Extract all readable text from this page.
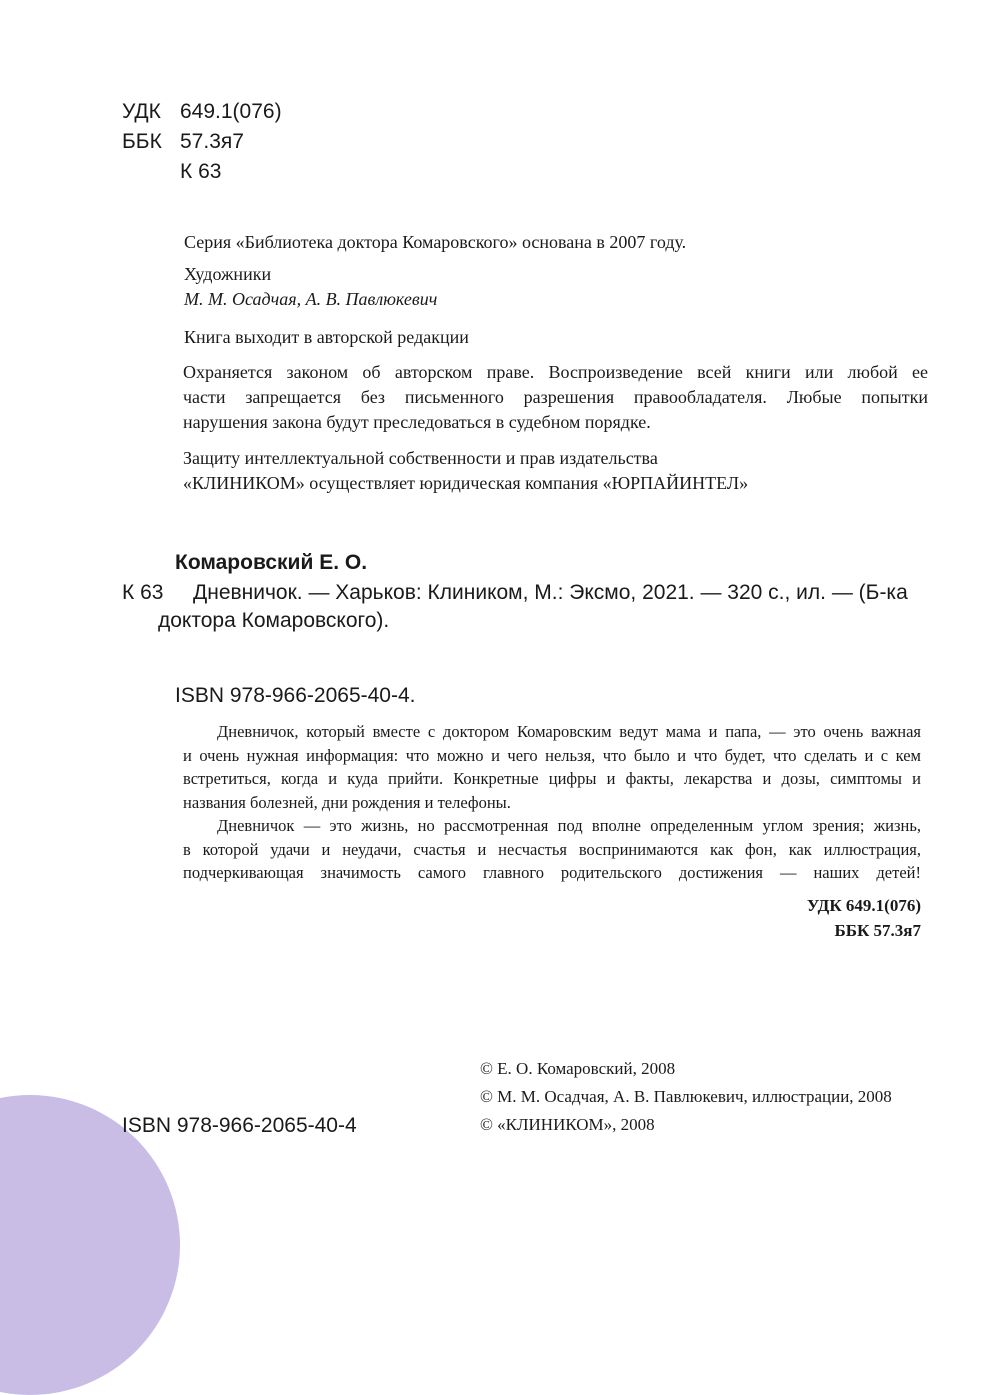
УДК 649.1(076)
ББК 57.3я7
К 63
Серия «Библиотека доктора Комаровского» основана в 2007 году.
Художники
М. М. Осадчая, А. В. Павлюкевич
Книга выходит в авторской редакции
Охраняется законом об авторском праве. Воспроизведение всей книги или любой ее
части запрещается без письменного разрешения правообладателя. Любые попытки
нарушения закона будут преследоваться в судебном порядке.
Защиту интеллектуальной собственности и прав издательства
«КЛИНИКОМ» осуществляет юридическая компания «ЮРПАЙИНТЕЛ»
Комаровский Е. О.
К 63 Дневничок. — Харьков: Клиником, М.: Эксмо, 2021. — 320 с., ил. — (Б-ка
доктора Комаровского).
ISBN 978-966-2065-40-4.
Дневничок, который вместе с доктором Комаровским ведут мама и папа, — это очень важная
и очень нужная информация: что можно и чего нельзя, что было и что будет, что сделать и с кем
встретиться, когда и куда прийти. Конкретные цифры и факты, лекарства и дозы, симптомы и
названия болезней, дни рождения и телефоны.
Дневничок — это жизнь, но рассмотренная под вполне определенным углом зрения; жизнь,
в которой удачи и неудачи, счастья и несчастья воспринимаются как фон, как иллюстрация,
подчеркивающая значимость самого главного родительского достижения — наших детей!
УДК 649.1(076)
ББК 57.3я7
ISBN 978-966-2065-40-4
© Е. О. Комаровский, 2008
© М. М. Осадчая, А. В. Павлюкевич, иллюстрации, 2008
© «КЛИНИКОМ», 2008
